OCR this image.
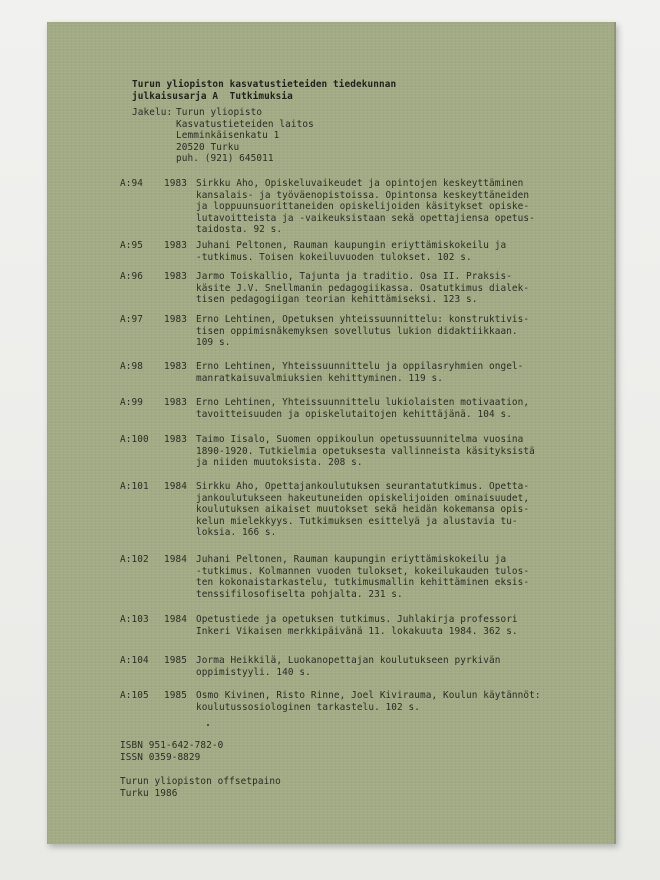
Turun yliopiston kasvatustieteiden tiedekunnan
julkaisusarja A  Tutkimuksia
Jakelu: Turun yliopisto
Kasvatustieteiden laitos
Lemminkäisenkatu 1
20520 Turku
puh. (921) 645011

A:94

	1983

Sirkku Aho, Opiskeluvaikeudet ja opintojen keskeyttäminen
kansalais- ja työväenopistoissa. Opintonsa keskeyttäneiden
ja loppuunsuorittaneiden opiskelijoiden käsitykset opiske-
lutavoitteista ja -vaikeuksistaan sekä opettajiensa opetus-
taidosta. 92 s.

A:95

	1983

Juhani Peltonen, Rauman kaupungin eriyttämiskokeilu ja
-tutkimus. Toisen kokeiluvuoden tulokset. 102 s.

A:96

	1983

Jarmo Toiskallio, Tajunta ja traditio. Osa II. Praksis-
käsite J.V. Snellmanin pedagogiikassa. Osatutkimus dialek-
tisen pedagogiigan teorian kehittämiseksi. 123 s.

A:97

	1983

Erno Lehtinen, Opetuksen yhteissuunnittelu: konstruktivis-
tisen oppimisnäkemyksen sovellutus lukion didaktiikkaan.
109 s.

A:98

	1983

Erno Lehtinen, Yhteissuunnittelu ja oppilasryhmien ongel-
manratkaisuvalmiuksien kehittyminen. 119 s.

A:99

	1983

Erno Lehtinen, Yhteissuunnittelu lukiolaisten motivaation,
tavoitteisuuden ja opiskelutaitojen kehittäjänä. 104 s.

A:100

	1983

Taimo Iisalo, Suomen oppikoulun opetussuunnitelma vuosina
1890-1920. Tutkielmia opetuksesta vallinneista käsityksistä
ja niiden muutoksista. 208 s.

A:101

	1984

Sirkku Aho, Opettajankoulutuksen seurantatutkimus. Opetta-
jankoulutukseen hakeutuneiden opiskelijoiden ominaisuudet,
koulutuksen aikaiset muutokset sekä heidän kokemansa opis-
kelun mielekkyys. Tutkimuksen esittelyä ja alustavia tu-
loksia. 166 s.

A:102

	1984

Juhani Peltonen, Rauman kaupungin eriyttämiskokeilu ja
-tutkimus. Kolmannen vuoden tulokset, kokeilukauden tulos-
ten kokonaistarkastelu, tutkimusmallin kehittäminen eksis-
tenssifilosofiselta pohjalta. 231 s.

A:103

	1984

Opetustiede ja opetuksen tutkimus. Juhlakirja professori
Inkeri Vikaisen merkkipäivänä 11. lokakuuta 1984. 362 s.

A:104

	1985

Jorma Heikkilä, Luokanopettajan koulutukseen pyrkivän
oppimistyyli. 140 s.

A:105

	1985

Osmo Kivinen, Risto Rinne, Joel Kivirauma, Koulun käytännöt:
koulutussosiologinen tarkastelu. 102 s.

ISBN 951-642-782-0
ISSN 0359-8829
Turun yliopiston offsetpaino
Turku 1986
